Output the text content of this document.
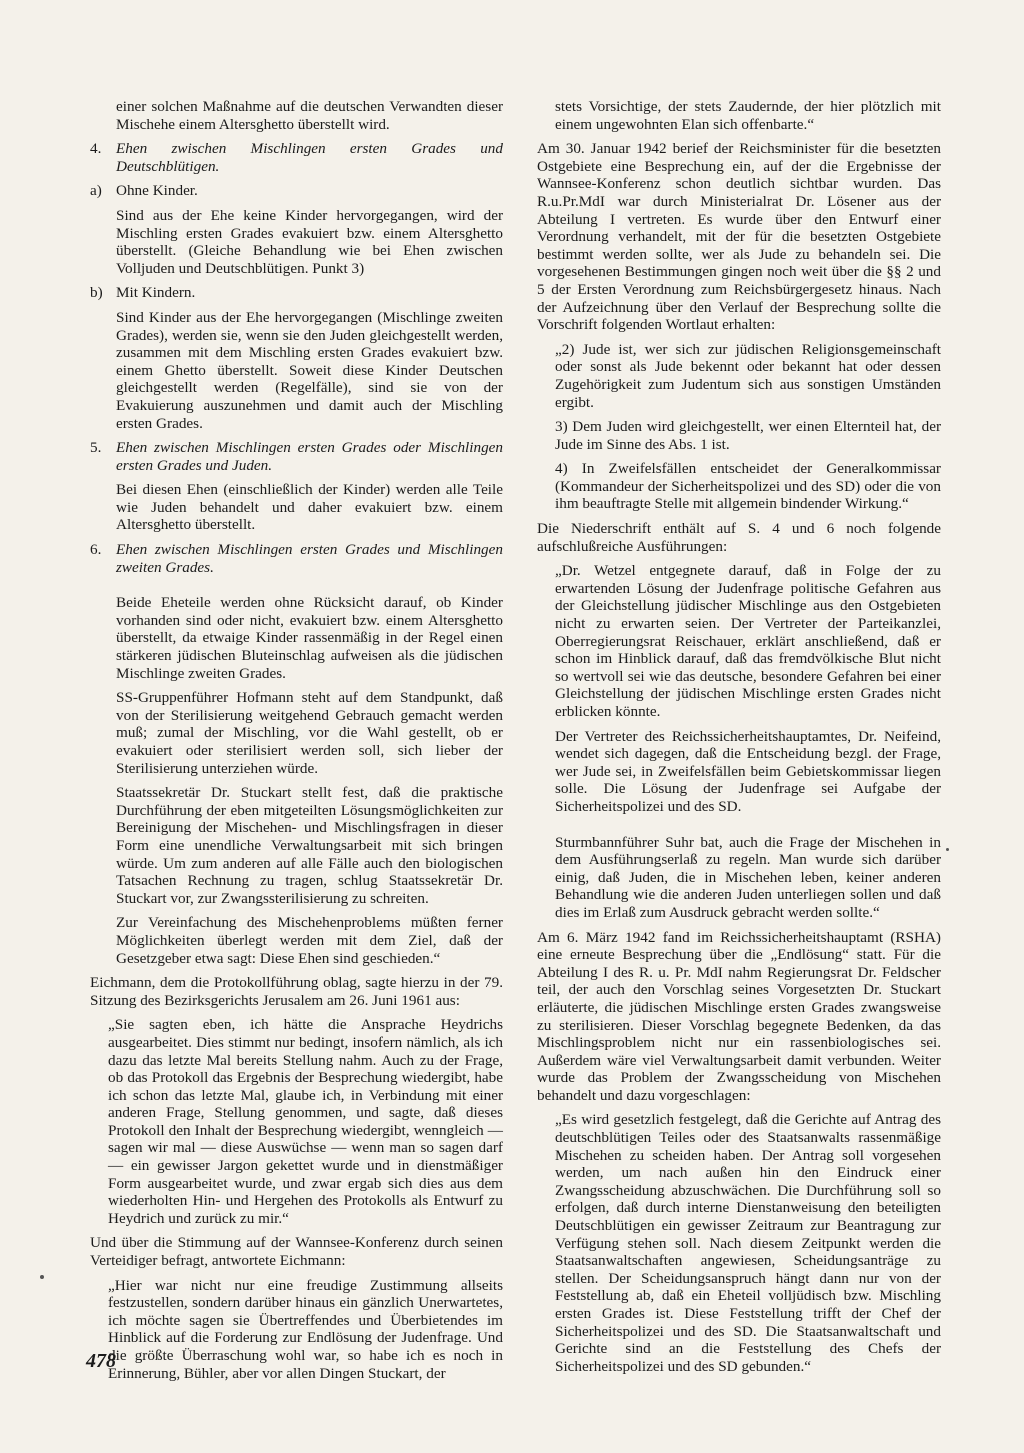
einer solchen Maßnahme auf die deutschen Verwandten dieser Mischehe einem Altersghetto überstellt wird.

4. Ehen zwischen Mischlingen ersten Grades und Deutschblütigen.

a) Ohne Kinder.

Sind aus der Ehe keine Kinder hervorgegangen, wird der Mischling ersten Grades evakuiert bzw. einem Altersghetto überstellt. (Gleiche Behandlung wie bei Ehen zwischen Volljuden und Deutschblütigen. Punkt 3)

b) Mit Kindern.

Sind Kinder aus der Ehe hervorgegangen (Mischlinge zweiten Grades), werden sie, wenn sie den Juden gleichgestellt werden, zusammen mit dem Mischling ersten Grades evakuiert bzw. einem Ghetto überstellt. Soweit diese Kinder Deutschen gleichgestellt werden (Regelfälle), sind sie von der Evakuierung auszunehmen und damit auch der Mischling ersten Grades.

5. Ehen zwischen Mischlingen ersten Grades oder Mischlingen ersten Grades und Juden.

Bei diesen Ehen (einschließlich der Kinder) werden alle Teile wie Juden behandelt und daher evakuiert bzw. einem Altersghetto überstellt.

6. Ehen zwischen Mischlingen ersten Grades und Mischlingen zweiten Grades.

Beide Eheteile werden ohne Rücksicht darauf, ob Kinder vorhanden sind oder nicht, evakuiert bzw. einem Altersghetto überstellt, da etwaige Kinder rassenmäßig in der Regel einen stärkeren jüdischen Bluteinschlag aufweisen als die jüdischen Mischlinge zweiten Grades.

SS-Gruppenführer Hofmann steht auf dem Standpunkt, daß von der Sterilisierung weitgehend Gebrauch gemacht werden muß; zumal der Mischling, vor die Wahl gestellt, ob er evakuiert oder sterilisiert werden soll, sich lieber der Sterilisierung unterziehen würde.

Staatssekretär Dr. Stuckart stellt fest, daß die praktische Durchführung der eben mitgeteilten Lösungsmöglichkeiten zur Bereinigung der Mischehen- und Mischlingsfragen in dieser Form eine unendliche Verwaltungsarbeit mit sich bringen würde. Um zum anderen auf alle Fälle auch den biologischen Tatsachen Rechnung zu tragen, schlug Staatssekretär Dr. Stuckart vor, zur Zwangssterilisierung zu schreiten.

Zur Vereinfachung des Mischehenproblems müßten ferner Möglichkeiten überlegt werden mit dem Ziel, daß der Gesetzgeber etwa sagt: Diese Ehen sind geschieden.“

Eichmann, dem die Protokollführung oblag, sagte hierzu in der 79. Sitzung des Bezirksgerichts Jerusalem am 26. Juni 1961 aus:

„Sie sagten eben, ich hätte die Ansprache Heydrichs ausgearbeitet. Dies stimmt nur bedingt, insofern nämlich, als ich dazu das letzte Mal bereits Stellung nahm. Auch zu der Frage, ob das Protokoll das Ergebnis der Besprechung wiedergibt, habe ich schon das letzte Mal, glaube ich, in Verbindung mit einer anderen Frage, Stellung genommen, und sagte, daß dieses Protokoll den Inhalt der Besprechung wiedergibt, wenngleich — sagen wir mal — diese Auswüchse — wenn man so sagen darf — ein gewisser Jargon gekettet wurde und in dienstmäßiger Form ausgearbeitet wurde, und zwar ergab sich dies aus dem wiederholten Hin- und Hergehen des Protokolls als Entwurf zu Heydrich und zurück zu mir.“

Und über die Stimmung auf der Wannsee-Konferenz durch seinen Verteidiger befragt, antwortete Eichmann:

„Hier war nicht nur eine freudige Zustimmung allseits festzustellen, sondern darüber hinaus ein gänzlich Unerwartetes, ich möchte sagen sie Übertreffendes und Überbietendes im Hinblick auf die Forderung zur Endlösung der Judenfrage. Und die größte Überraschung wohl war, so habe ich es noch in Erinnerung, Bühler, aber vor allen Dingen Stuckart, der

stets Vorsichtige, der stets Zaudernde, der hier plötzlich mit einem ungewohnten Elan sich offenbarte.“

Am 30. Januar 1942 berief der Reichsminister für die besetzten Ostgebiete eine Besprechung ein, auf der die Ergebnisse der Wannsee-Konferenz schon deutlich sichtbar wurden. Das R.u.Pr.MdI war durch Ministerialrat Dr. Lösener aus der Abteilung I vertreten. Es wurde über den Entwurf einer Verordnung verhandelt, mit der für die besetzten Ostgebiete bestimmt werden sollte, wer als Jude zu behandeln sei. Die vorgesehenen Bestimmungen gingen noch weit über die §§ 2 und 5 der Ersten Verordnung zum Reichsbürgergesetz hinaus. Nach der Aufzeichnung über den Verlauf der Besprechung sollte die Vorschrift folgenden Wortlaut erhalten:

„2) Jude ist, wer sich zur jüdischen Religionsgemeinschaft oder sonst als Jude bekennt oder bekannt hat oder dessen Zugehörigkeit zum Judentum sich aus sonstigen Umständen ergibt.

3) Dem Juden wird gleichgestellt, wer einen Elternteil hat, der Jude im Sinne des Abs. 1 ist.

4) In Zweifelsfällen entscheidet der Generalkommissar (Kommandeur der Sicherheitspolizei und des SD) oder die von ihm beauftragte Stelle mit allgemein bindender Wirkung.“

Die Niederschrift enthält auf S. 4 und 6 noch folgende aufschlußreiche Ausführungen:

„Dr. Wetzel entgegnete darauf, daß in Folge der zu erwartenden Lösung der Judenfrage politische Gefahren aus der Gleichstellung jüdischer Mischlinge aus den Ostgebieten nicht zu erwarten seien. Der Vertreter der Parteikanzlei, Oberregierungsrat Reischauer, erklärt anschließend, daß er schon im Hinblick darauf, daß das fremdvölkische Blut nicht so wertvoll sei wie das deutsche, besondere Gefahren bei einer Gleichstellung der jüdischen Mischlinge ersten Grades nicht erblicken könnte.

Der Vertreter des Reichssicherheitshauptamtes, Dr. Neifeind, wendet sich dagegen, daß die Entscheidung bezgl. der Frage, wer Jude sei, in Zweifelsfällen beim Gebietskommissar liegen solle. Die Lösung der Judenfrage sei Aufgabe der Sicherheitspolizei und des SD.

Sturmbannführer Suhr bat, auch die Frage der Mischehen in dem Ausführungserlaß zu regeln. Man wurde sich darüber einig, daß Juden, die in Mischehen leben, keiner anderen Behandlung wie die anderen Juden unterliegen sollen und daß dies im Erlaß zum Ausdruck gebracht werden sollte.“

Am 6. März 1942 fand im Reichssicherheitshauptamt (RSHA) eine erneute Besprechung über die „Endlösung“ statt. Für die Abteilung I des R. u. Pr. MdI nahm Regierungsrat Dr. Feldscher teil, der auch den Vorschlag seines Vorgesetzten Dr. Stuckart erläuterte, die jüdischen Mischlinge ersten Grades zwangsweise zu sterilisieren. Dieser Vorschlag begegnete Bedenken, da das Mischlingsproblem nicht nur ein rassenbiologisches sei. Außerdem wäre viel Verwaltungsarbeit damit verbunden. Weiter wurde das Problem der Zwangsscheidung von Mischehen behandelt und dazu vorgeschlagen:

„Es wird gesetzlich festgelegt, daß die Gerichte auf Antrag des deutschblütigen Teiles oder des Staatsanwalts rassenmäßige Mischehen zu scheiden haben. Der Antrag soll vorgesehen werden, um nach außen hin den Eindruck einer Zwangsscheidung abzuschwächen. Die Durchführung soll so erfolgen, daß durch interne Dienstanweisung den beteiligten Deutschblütigen ein gewisser Zeitraum zur Beantragung zur Verfügung stehen soll. Nach diesem Zeitpunkt werden die Staatsanwaltschaften angewiesen, Scheidungsanträge zu stellen. Der Scheidungsanspruch hängt dann nur von der Feststellung ab, daß ein Eheteil volljüdisch bzw. Mischling ersten Grades ist. Diese Feststellung trifft der Chef der Sicherheitspolizei und des SD. Die Staatsanwaltschaft und Gerichte sind an die Feststellung des Chefs der Sicherheitspolizei und des SD gebunden.“

478
